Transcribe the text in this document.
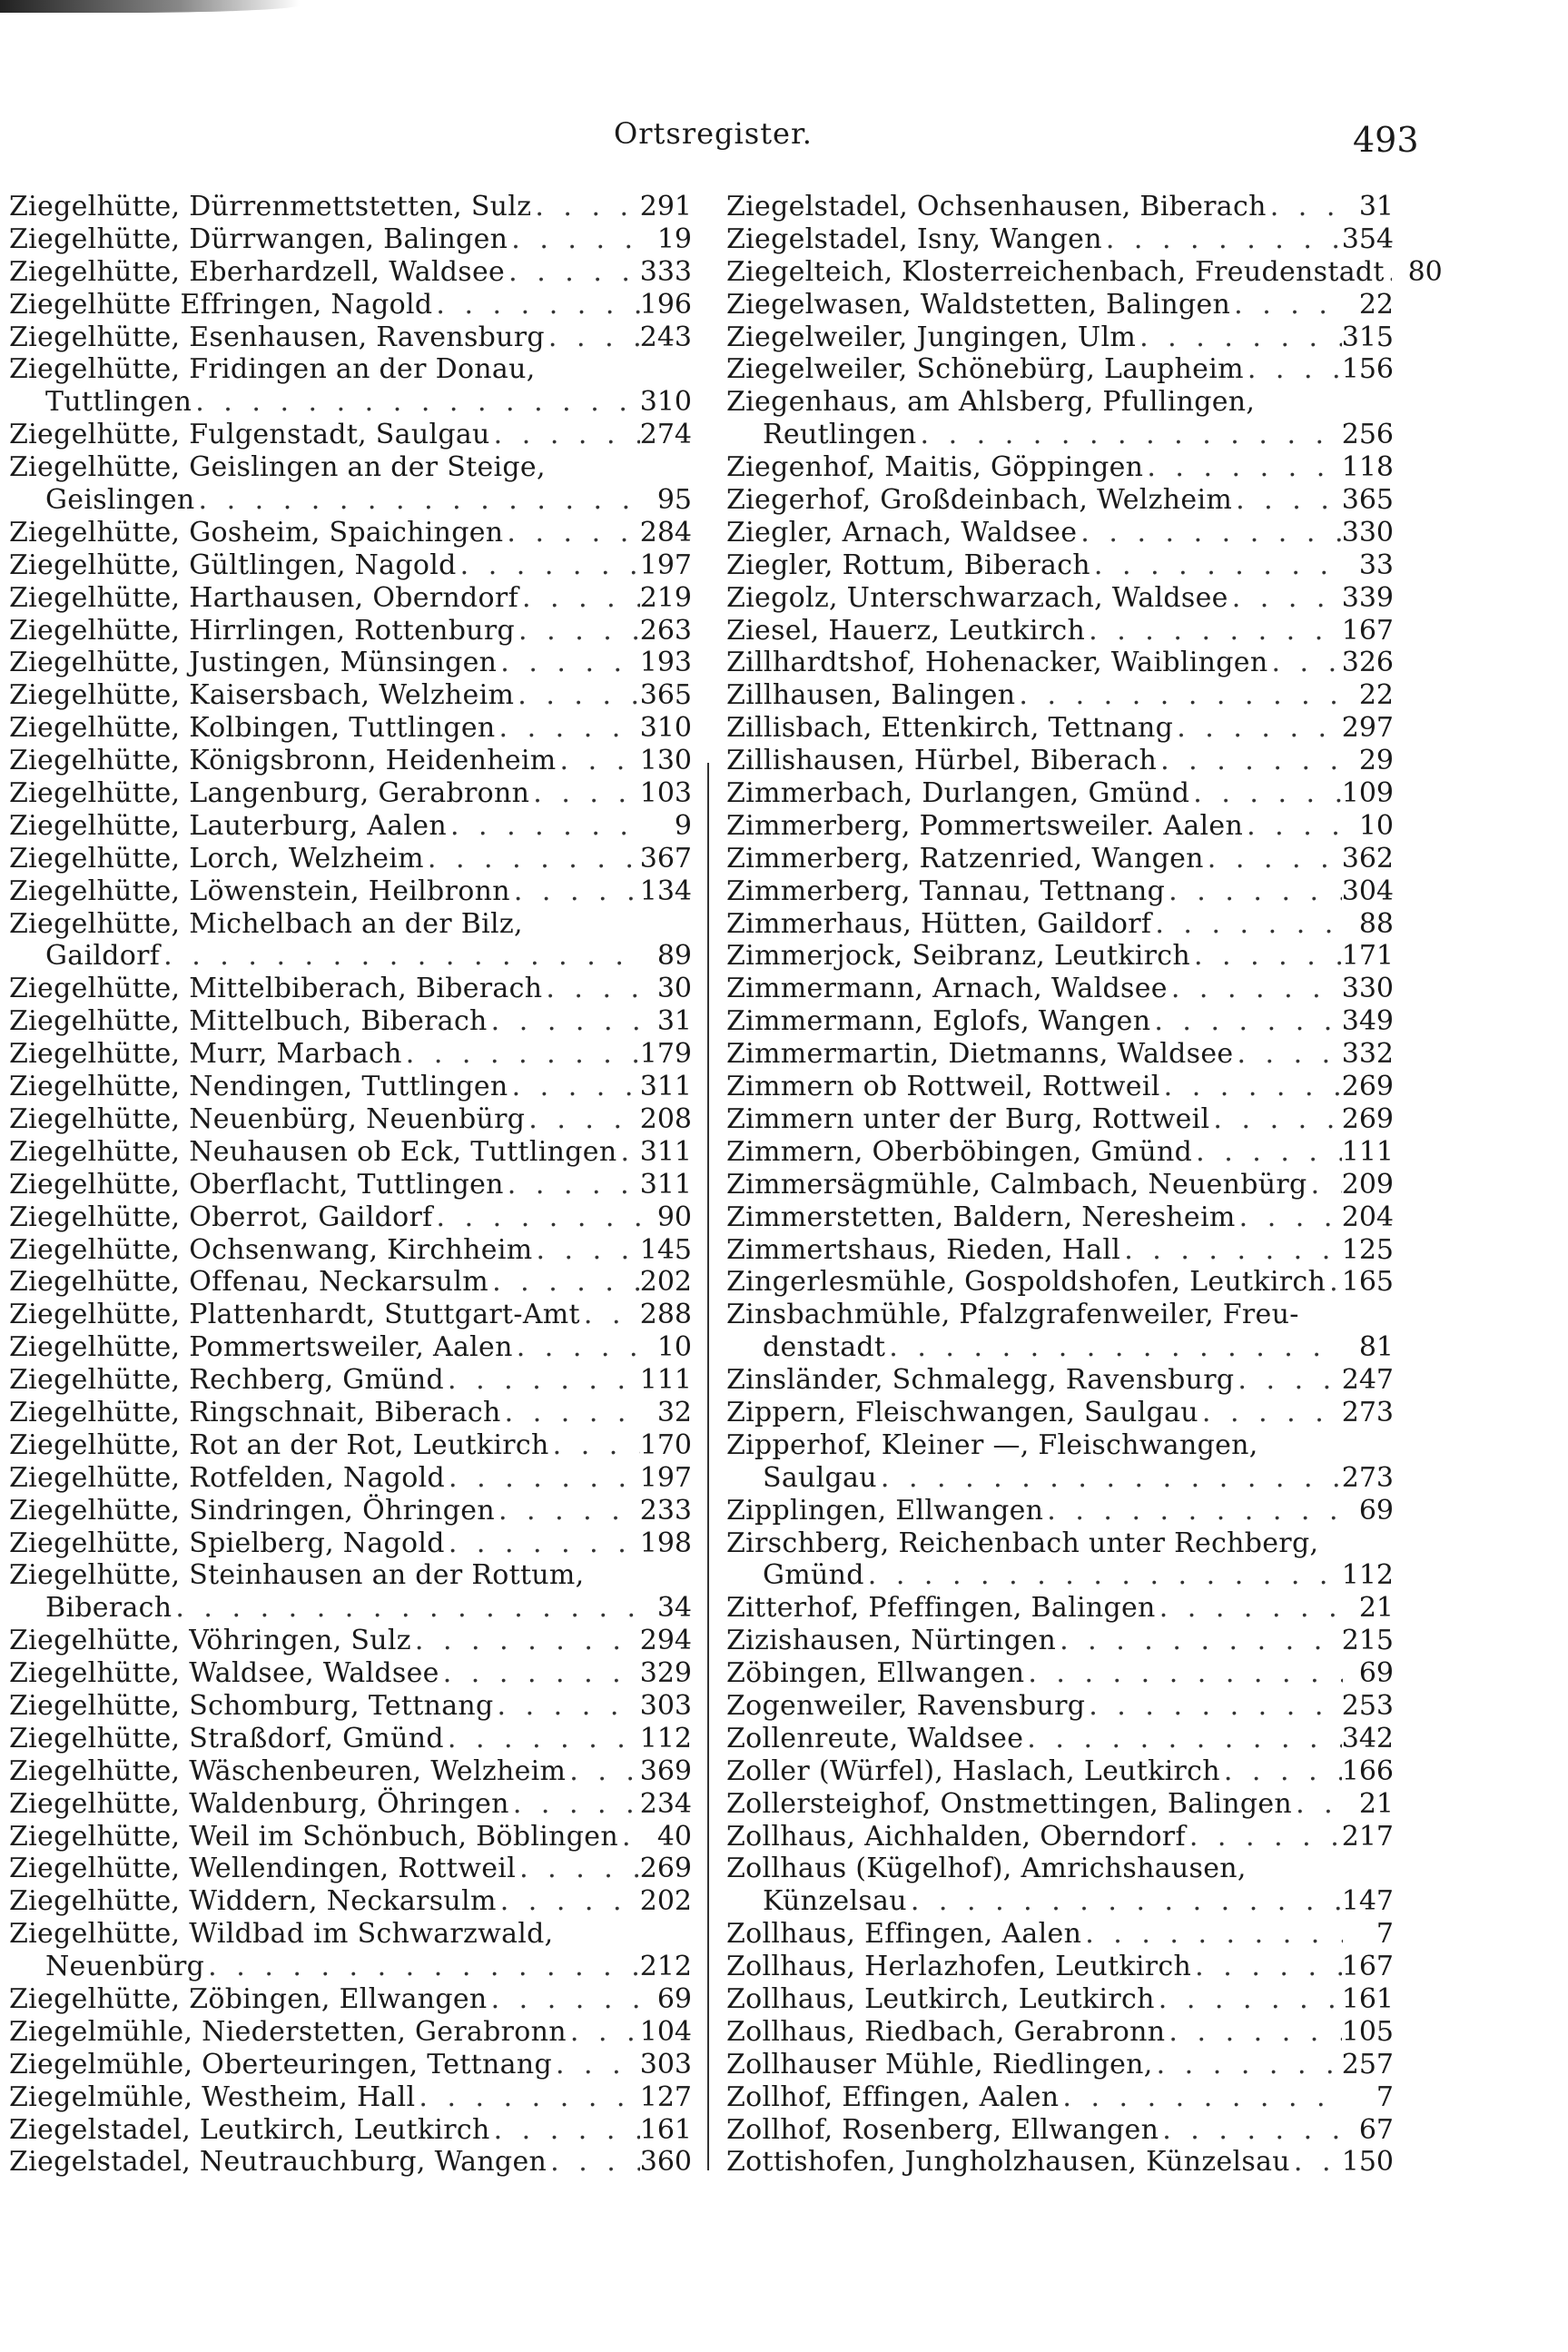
Ortsregister.	493
Ziegelhütte, Dürrenmettstetten, Sulz . . .	291
Ziegelhütte, Dürrwangen, Balingen . . .	19
Ziegelhütte, Eberhardzell, Waldsee . . .	333
Ziegelhütte Effringen, Nagold . . .	196
Ziegelhütte, Esenhausen, Ravensburg . . .	243
Ziegelhütte, Fridingen an der Donau,
Tuttlingen . . .	310
Ziegelhütte, Fulgenstadt, Saulgau . . .	274
Ziegelhütte, Geislingen an der Steige,
Geislingen . . .	95
Ziegelhütte, Gosheim, Spaichingen . . .	284
Ziegelhütte, Gültlingen, Nagold . . .	197
Ziegelhütte, Harthausen, Oberndorf . . .	219
Ziegelhütte, Hirrlingen, Rottenburg . . .	263
Ziegelhütte, Justingen, Münsingen . . .	193
Ziegelhütte, Kaisersbach, Welzheim . . .	365
Ziegelhütte, Kolbingen, Tuttlingen . . .	310
Ziegelhütte, Königsbronn, Heidenheim . . .	130
Ziegelhütte, Langenburg, Gerabronn . . .	103
Ziegelhütte, Lauterburg, Aalen . . .	9
Ziegelhütte, Lorch, Welzheim . . .	367
Ziegelhütte, Löwenstein, Heilbronn . . .	134
Ziegelhütte, Michelbach an der Bilz,
Gaildorf . . .	89
Ziegelhütte, Mittelbiberach, Biberach . . .	30
Ziegelhütte, Mittelbuch, Biberach . . .	31
Ziegelhütte, Murr, Marbach . . .	179
Ziegelhütte, Nendingen, Tuttlingen . . .	311
Ziegelhütte, Neuenbürg, Neuenbürg . . .	208
Ziegelhütte, Neuhausen ob Eck, Tuttlingen . . . 311
Ziegelhütte, Oberflacht, Tuttlingen . . .	311
Ziegelhütte, Oberrot, Gaildorf . . .	90
Ziegelhütte, Ochsenwang, Kirchheim . . .	145
Ziegelhütte, Offenau, Neckarsulm . . .	202
Ziegelhütte, Plattenhardt, Stuttgart-Amt . . . 288
Ziegelhütte, Pommertsweiler, Aalen . . .	10
Ziegelhütte, Rechberg, Gmünd . . .	111
Ziegelhütte, Ringschnait, Biberach . . .	32
Ziegelhütte, Rot an der Rot, Leutkirch . . .	170
Ziegelhütte, Rotfelden, Nagold . . .	197
Ziegelhütte, Sindringen, Öhringen . . .	233
Ziegelhütte, Spielberg, Nagold . . .	198
Ziegelhütte, Steinhausen an der Rottum,
Biberach . . .	34
Ziegelhütte, Vöhringen, Sulz . . .	294
Ziegelhütte, Waldsee, Waldsee . . .	329
Ziegelhütte, Schomburg, Tettnang . . .	303
Ziegelhütte, Straßdorf, Gmünd . . .	112
Ziegelhütte, Wäschenbeuren, Welzheim . . .	369
Ziegelhütte, Waldenburg, Öhringen . . .	234
Ziegelhütte, Weil im Schönbuch, Böblingen . . .	40
Ziegelhütte, Wellendingen, Rottweil . . .	269
Ziegelhütte, Widdern, Neckarsulm . . .	202
Ziegelhütte, Wildbad im Schwarzwald,
Neuenbürg . . .	212
Ziegelhütte, Zöbingen, Ellwangen . . .	69
Ziegelmühle, Niederstetten, Gerabronn . . .	104
Ziegelmühle, Oberteuringen, Tettnang . . .	303
Ziegelmühle, Westheim, Hall . . .	127
Ziegelstadel, Leutkirch, Leutkirch . . .	161
Ziegelstadel, Neutrauchburg, Wangen . . .	360
Ziegelstadel, Ochsenhausen, Biberach . . .	31
Ziegelstadel, Isny, Wangen . . .	354
Ziegelteich, Klosterreichenbach, Freudenstadt . . . 80
Ziegelwasen, Waldstetten, Balingen . . .	22
Ziegelweiler, Jungingen, Ulm . . .	315
Ziegelweiler, Schönebürg, Laupheim . . .	156
Ziegenhaus, am Ahlsberg, Pfullingen,
Reutlingen . . .	256
Ziegenhof, Maitis, Göppingen . . .	118
Ziegerhof, Großdeinbach, Welzheim . . .	365
Ziegler, Arnach, Waldsee . . .	330
Ziegler, Rottum, Biberach . . .	33
Ziegolz, Unterschwarzach, Waldsee . . .	339
Ziesel, Hauerz, Leutkirch . . .	167
Zillhardtshof, Hohenacker, Waiblingen . . .	326
Zillhausen, Balingen . . .	22
Zillisbach, Ettenkirch, Tettnang . . .	297
Zillishausen, Hürbel, Biberach . . .	29
Zimmerbach, Durlangen, Gmünd . . .	109
Zimmerberg, Pommertsweiler. Aalen . . .	10
Zimmerberg, Ratzenried, Wangen . . .	362
Zimmerberg, Tannau, Tettnang . . .	304
Zimmerhaus, Hütten, Gaildorf . . .	88
Zimmerjock, Seibranz, Leutkirch . . .	171
Zimmermann, Arnach, Waldsee . . .	330
Zimmermann, Eglofs, Wangen . . .	349
Zimmermartin, Dietmanns, Waldsee . . .	332
Zimmern ob Rottweil, Rottweil . . .	269
Zimmern unter der Burg, Rottweil . . .	269
Zimmern, Oberböbingen, Gmünd . . .	111
Zimmersägmühle, Calmbach, Neuenbürg . . . 209
Zimmerstetten, Baldern, Neresheim . . .	204
Zimmertshaus, Rieden, Hall . . .	125
Zingerlesmühle, Gospoldshofen, Leutkirch . . . 165
Zinsbachmühle, Pfalzgrafenweiler, Freu-
denstadt . . .	81
Zinsländer, Schmalegg, Ravensburg . . .	247
Zippern, Fleischwangen, Saulgau . . .	273
Zipperhof, Kleiner —, Fleischwangen,
Saulgau . . .	273
Zipplingen, Ellwangen . . .	69
Zirschberg, Reichenbach unter Rechberg,
Gmünd . . .	112
Zitterhof, Pfeffingen, Balingen . . .	21
Zizishausen, Nürtingen . . .	215
Zöbingen, Ellwangen . . .	69
Zogenweiler, Ravensburg . . .	253
Zollenreute, Waldsee . . .	342
Zoller (Würfel), Haslach, Leutkirch . . .	166
Zollersteighof, Onstmettingen, Balingen . . .	21
Zollhaus, Aichhalden, Oberndorf . . .	217
Zollhaus (Kügelhof), Amrichshausen,
Künzelsau . . .	147
Zollhaus, Effingen, Aalen . . .	7
Zollhaus, Herlazhofen, Leutkirch . . .	167
Zollhaus, Leutkirch, Leutkirch . . .	161
Zollhaus, Riedbach, Gerabronn . . .	105
Zollhauser Mühle, Riedlingen, . . .	257
Zollhof, Effingen, Aalen . . .	7
Zollhof, Rosenberg, Ellwangen . . .	67
Zottishofen, Jungholzhausen, Künzelsau . . . 150
